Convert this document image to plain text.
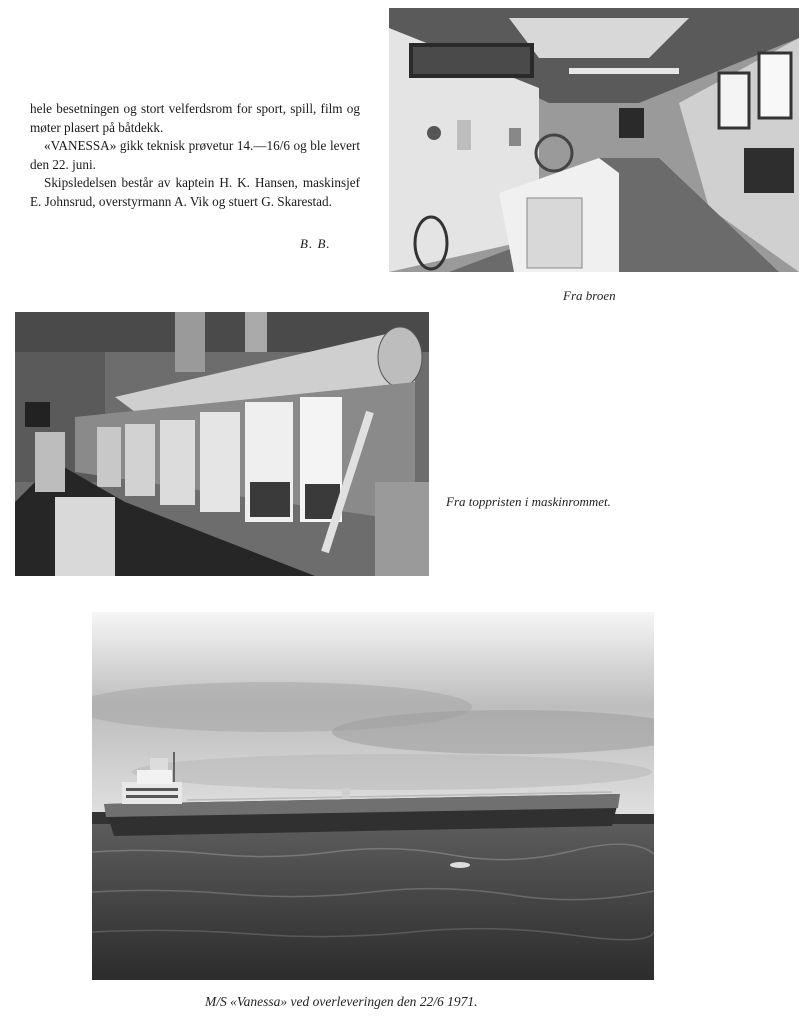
hele besetningen og stort velferdsrom for sport, spill, film og møter plasert på båtdekk.

«VANESSA» gikk teknisk prøvetur 14.—16/6 og ble levert den 22. juni.

Skipsledelsen består av kaptein H. K. Hansen, maskinsjef E. Johnsrud, overstyrmann A. Vik og stuert G. Skarestad.

B. B.
Fra broen
Fra toppristen i maskinrommet.
M/S «Vanessa» ved overleveringen den 22/6 1971.
